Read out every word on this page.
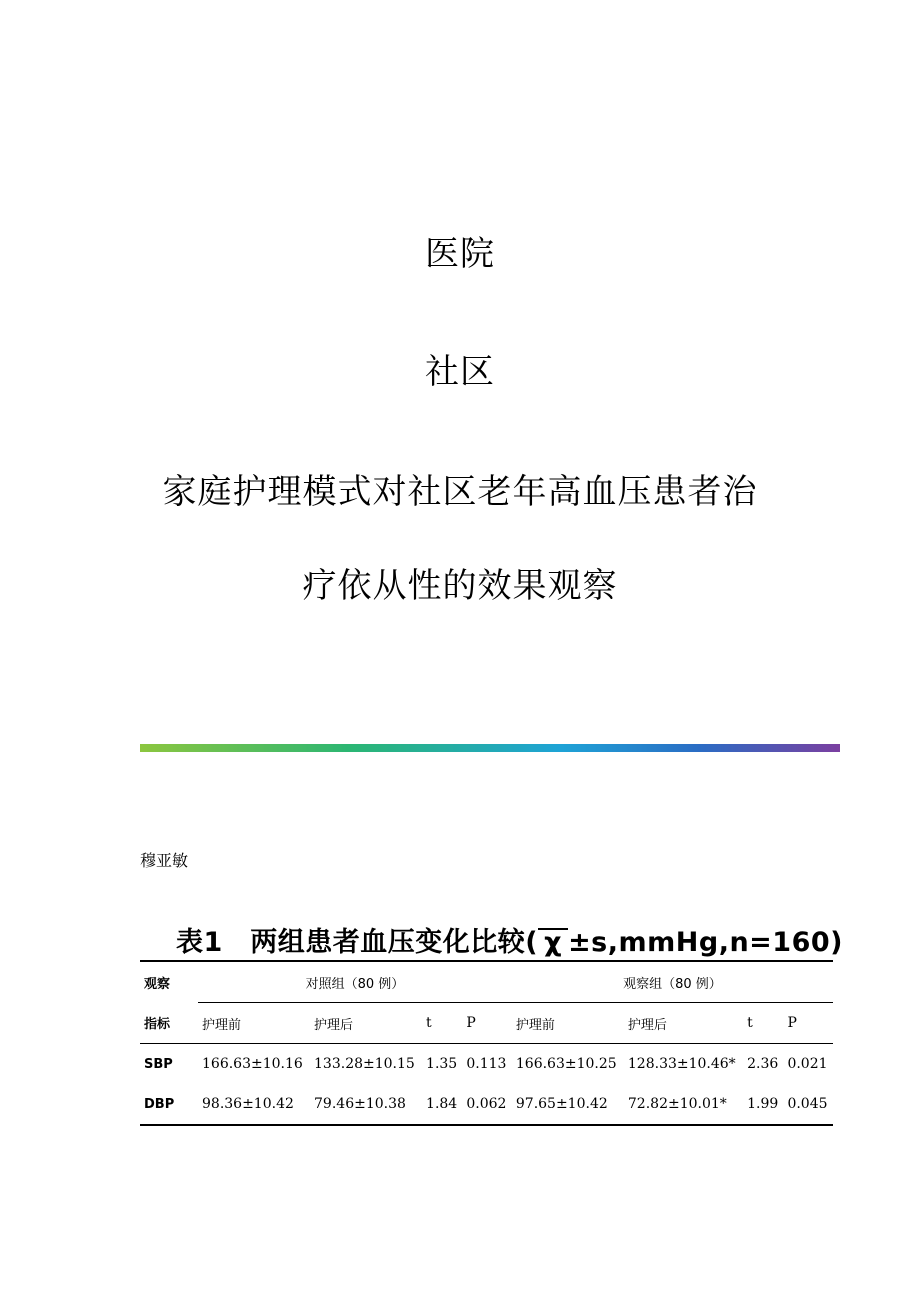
医院
社区
家庭护理模式对社区老年高血压患者治
疗依从性的效果观察
穆亚敏
表1　两组患者血压变化比较( χ ±s,mmHg,n=160)
观察	对照组（80 例）				观察组（80 例）			
指标	护理前	护理后	t	P	护理前	护理后	t	P
SBP	166.63±10.16	133.28±10.15	1.35	0.113	166.63±10.25	128.33±10.46*	2.36	0.021
DBP	98.36±10.42	79.46±10.38	1.84	0.062	97.65±10.42	72.82±10.01*	1.99	0.045
